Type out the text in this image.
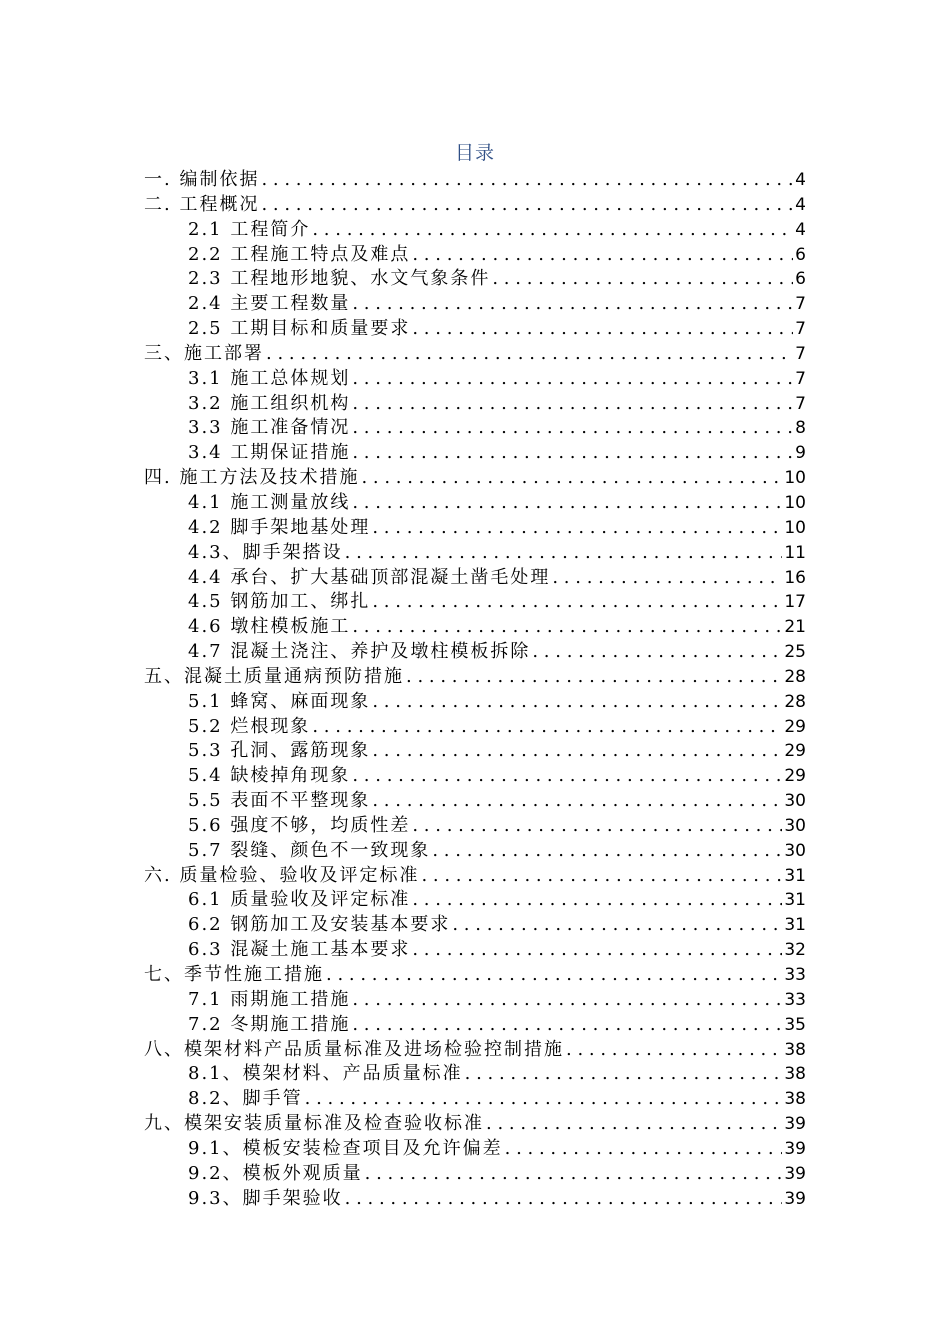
目录
一. 编制依据 . . .	4
二. 工程概况 . . .	4
2.1 工程简介 . . .	4
2.2 工程施工特点及难点 . . .	6
2.3 工程地形地貌、水文气象条件 . . .	6
2.4 主要工程数量 . . .	7
2.5 工期目标和质量要求 . . .	7
三、施工部署 . . .	7
3.1 施工总体规划 . . .	7
3.2 施工组织机构 . . .	7
3.3 施工准备情况 . . .	8
3.4 工期保证措施 . . .	9
四. 施工方法及技术措施 . . .	10
4.1 施工测量放线 . . .	10
4.2 脚手架地基处理 . . .	10
4.3、脚手架搭设 . . .	11
4.4 承台、扩大基础顶部混凝土凿毛处理 . . .	16
4.5 钢筋加工、绑扎 . . .	17
4.6 墩柱模板施工 . . .	21
4.7 混凝土浇注、养护及墩柱模板拆除 . . .	25
五、混凝土质量通病预防措施 . . .	28
5.1 蜂窝、麻面现象 . . .	28
5.2 烂根现象 . . .	29
5.3 孔洞、露筋现象 . . .	29
5.4 缺棱掉角现象 . . .	29
5.5 表面不平整现象 . . .	30
5.6 强度不够，均质性差 . . .	30
5.7 裂缝、颜色不一致现象 . . .	30
六. 质量检验、验收及评定标准 . . .	31
6.1 质量验收及评定标准 . . .	31
6.2 钢筋加工及安装基本要求 . . .	31
6.3 混凝土施工基本要求 . . .	32
七、季节性施工措施 . . .	33
7.1 雨期施工措施 . . .	33
7.2 冬期施工措施 . . .	35
八、模架材料产品质量标准及进场检验控制措施 . . .	38
8.1、模架材料、产品质量标准 . . .	38
8.2、脚手管 . . .	38
九、模架安装质量标准及检查验收标准 . . .	39
9.1、模板安装检查项目及允许偏差 . . .	39
9.2、模板外观质量 . . .	39
9.3、脚手架验收 . . .	39
